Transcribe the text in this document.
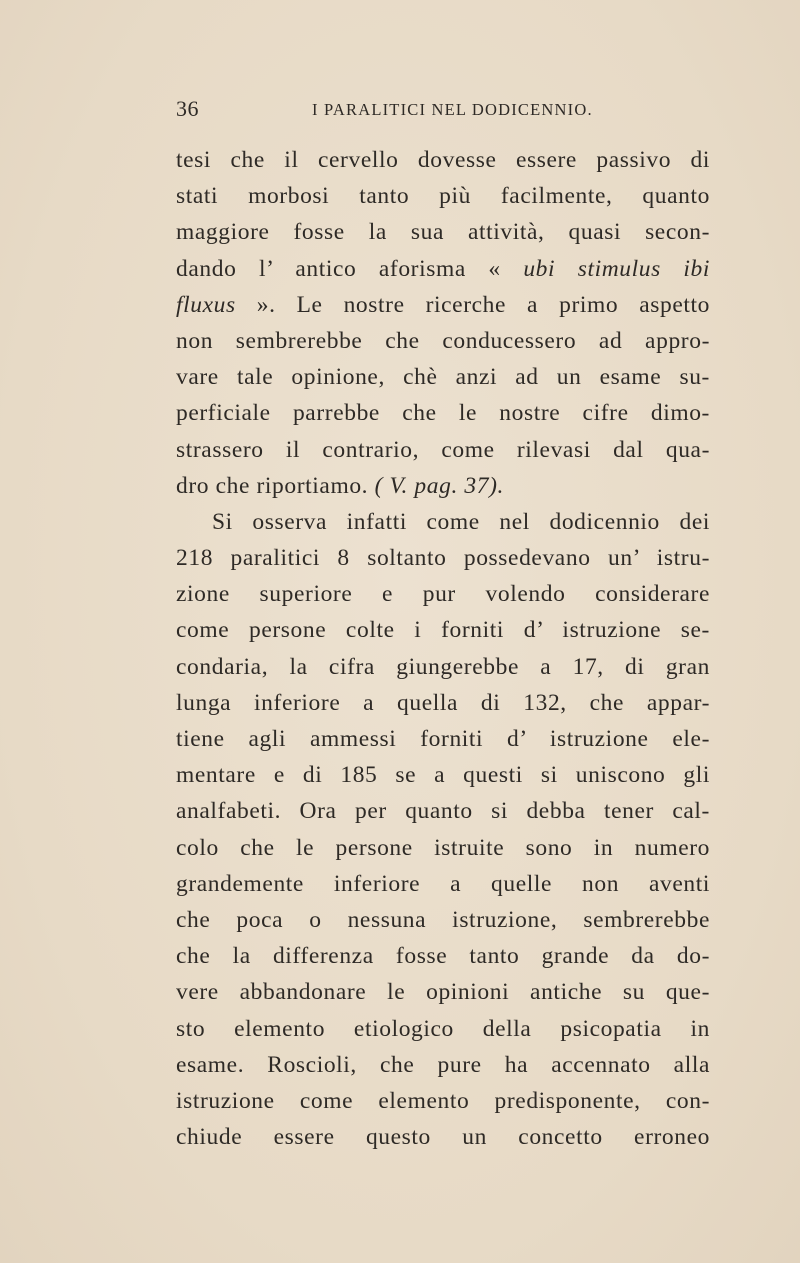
36	I PARALITICI NEL DODICENNIO.
tesi che il cervello dovesse essere passivo di
stati morbosi tanto più facilmente, quanto
maggiore fosse la sua attività, quasi secon-
dando l’ antico aforisma « ubi stimulus ibi
fluxus ». Le nostre ricerche a primo aspetto
non sembrerebbe che conducessero ad appro-
vare tale opinione, chè anzi ad un esame su-
perficiale parrebbe che le nostre cifre dimo-
strassero il contrario, come rilevasi dal qua-
dro che riportiamo. ( V. pag. 37).
Si osserva infatti come nel dodicennio dei
218 paralitici 8 soltanto possedevano un’ istru-
zione superiore e pur volendo considerare
come persone colte i forniti d’ istruzione se-
condaria, la cifra giungerebbe a 17, di gran
lunga inferiore a quella di 132, che appar-
tiene agli ammessi forniti d’ istruzione ele-
mentare e di 185 se a questi si uniscono gli
analfabeti. Ora per quanto si debba tener cal-
colo che le persone istruite sono in numero
grandemente inferiore a quelle non aventi
che poca o nessuna istruzione, sembrerebbe
che la differenza fosse tanto grande da do-
vere abbandonare le opinioni antiche su que-
sto elemento etiologico della psicopatia in
esame. Roscioli, che pure ha accennato alla
istruzione come elemento predisponente, con-
chiude essere questo un concetto erroneo
